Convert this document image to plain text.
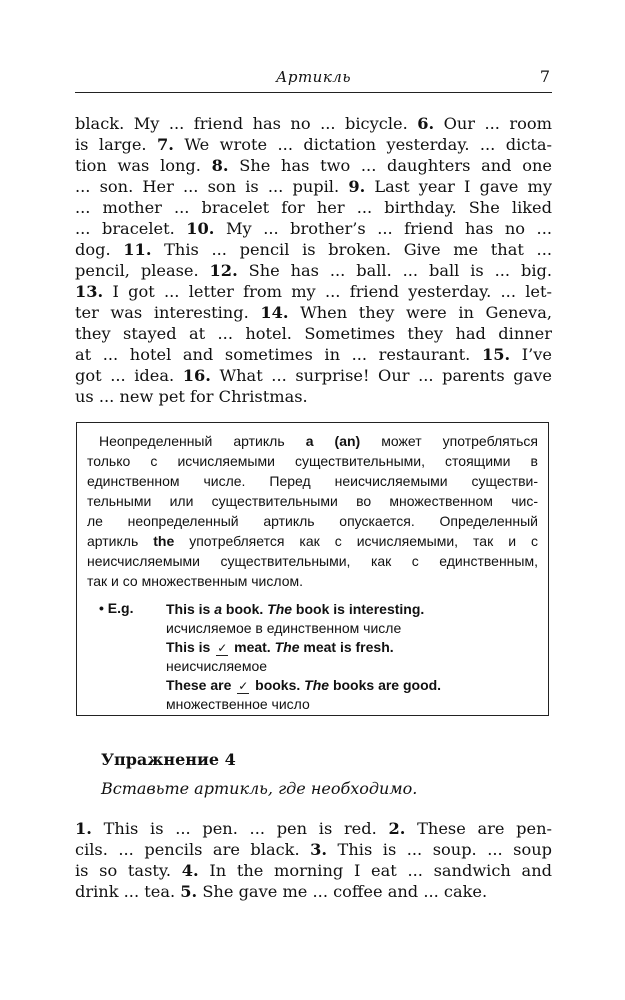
Артикль	7
black. My ... friend has no ... bicycle. 6. Our ... room
is large. 7. We wrote ... dictation yesterday. ... dicta-
tion was long. 8. She has two ... daughters and one
... son. Her ... son is ... pupil. 9. Last year I gave my
... mother ... bracelet for her ... birthday. She liked
... bracelet. 10. My ... brother’s ... friend has no ...
dog. 11. This ... pencil is broken. Give me that ...
pencil, please. 12. She has ... ball. ... ball is ... big.
13. I got ... letter from my ... friend yesterday. ... let-
ter was interesting. 14. When they were in Geneva,
they stayed at ... hotel. Sometimes they had dinner
at ... hotel and sometimes in ... restaurant. 15. I’ve
got ... idea. 16. What ... surprise! Our ... parents gave
us ... new pet for Christmas.
Неопределенный артикль a (an) может употребляться
только с исчисляемыми существительными, стоящими в
единственном числе. Перед неисчисляемыми существи-
тельными или существительными во множественном чис-
ле неопределенный артикль опускается. Определенный
артикль the употребляется как с исчисляемыми, так и с
неисчисляемыми существительными, как с единственным,
так и со множественным числом.
• E.g. This is a book. The book is interesting.
исчисляемое в единственном числе
This is ✓ meat. The meat is fresh.
неисчисляемое
These are ✓ books. The books are good.
множественное число
Упражнение 4
Вставьте артикль, где необходимо.
1. This is ... pen. ... pen is red. 2. These are pen-
cils. ... pencils are black. 3. This is ... soup. ... soup
is so tasty. 4. In the morning I eat ... sandwich and
drink ... tea. 5. She gave me ... coffee and ... cake.
